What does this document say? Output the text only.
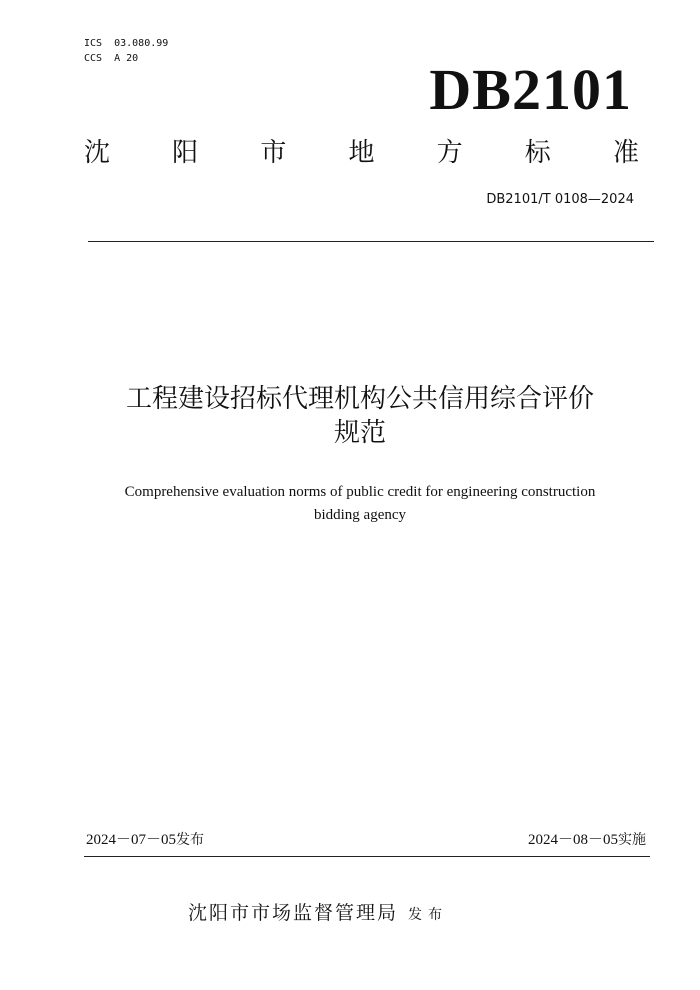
ICS  03.080.99
CCS  A 20	DB2101
沈 阳 市 地 方 标 准
DB2101/T 0108—2024
工程建设招标代理机构公共信用综合评价
规范
Comprehensive evaluation norms of public credit for engineering construction
bidding agency
2024－07－05发布	2024－08－05实施
沈阳市市场监督管理局 发布
